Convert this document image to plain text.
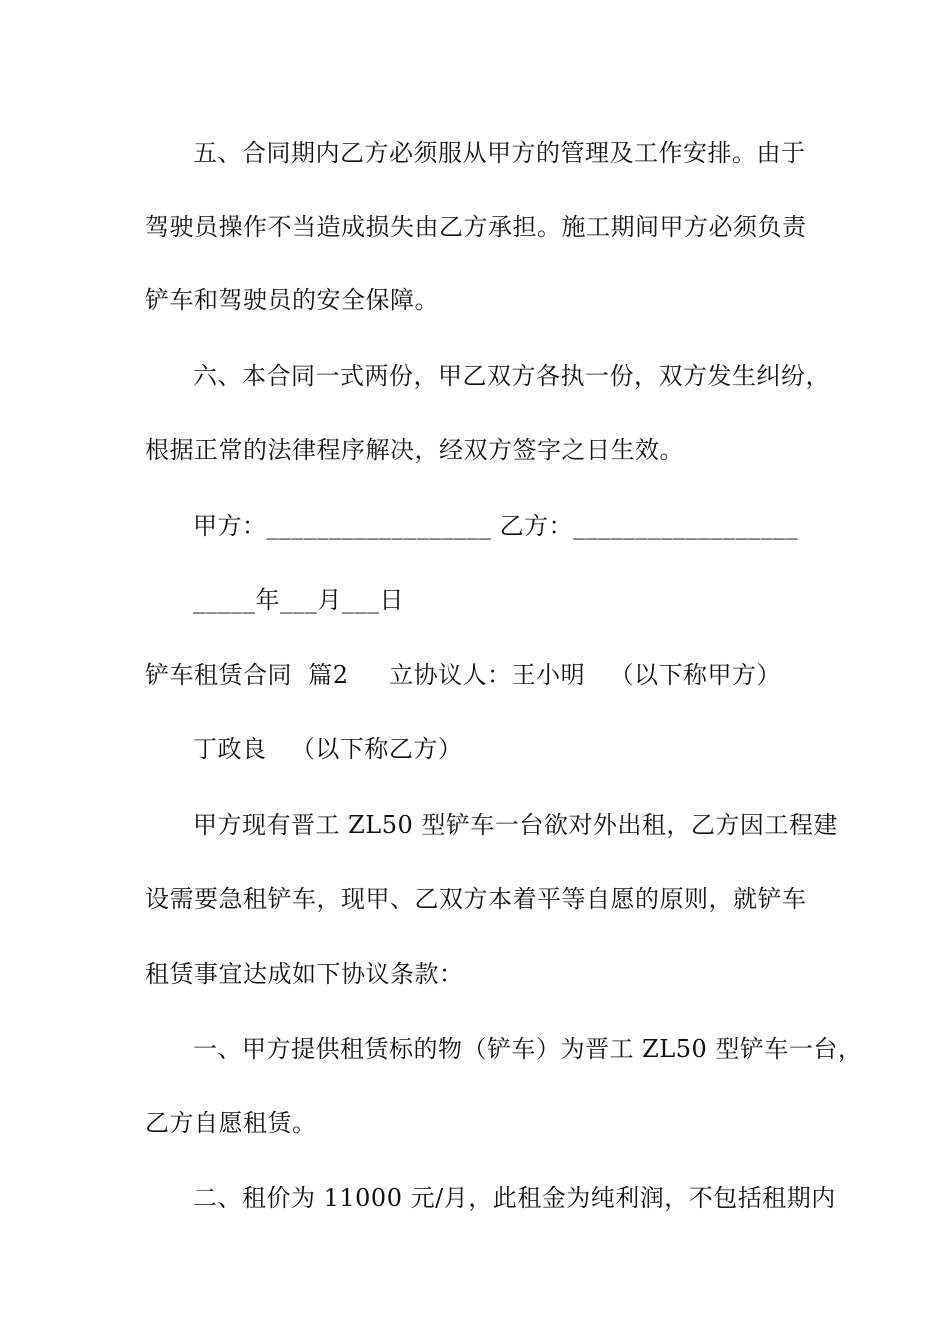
五、合同期内乙方必须服从甲方的管理及工作安排。由于
驾驶员操作不当造成损失由乙方承担。施工期间甲方必须负责
铲车和驾驶员的安全保障。
六、本合同一式两份，甲乙双方各执一份，双方发生纠纷，
根据正常的法律程序解决，经双方签字之日生效。
甲方：__________________ 乙方：__________________
_____年___月___日
铲车租赁合同  篇2     立协议人：王小明   （以下称甲方）
丁政良   （以下称乙方）
甲方现有晋工 ZL50 型铲车一台欲对外出租，乙方因工程建
设需要急租铲车，现甲、乙双方本着平等自愿的原则，就铲车
租赁事宜达成如下协议条款：
一、甲方提供租赁标的物（铲车）为晋工 ZL50 型铲车一台，
乙方自愿租赁。
二、租价为 11000 元/月，此租金为纯利润，不包括租期内
